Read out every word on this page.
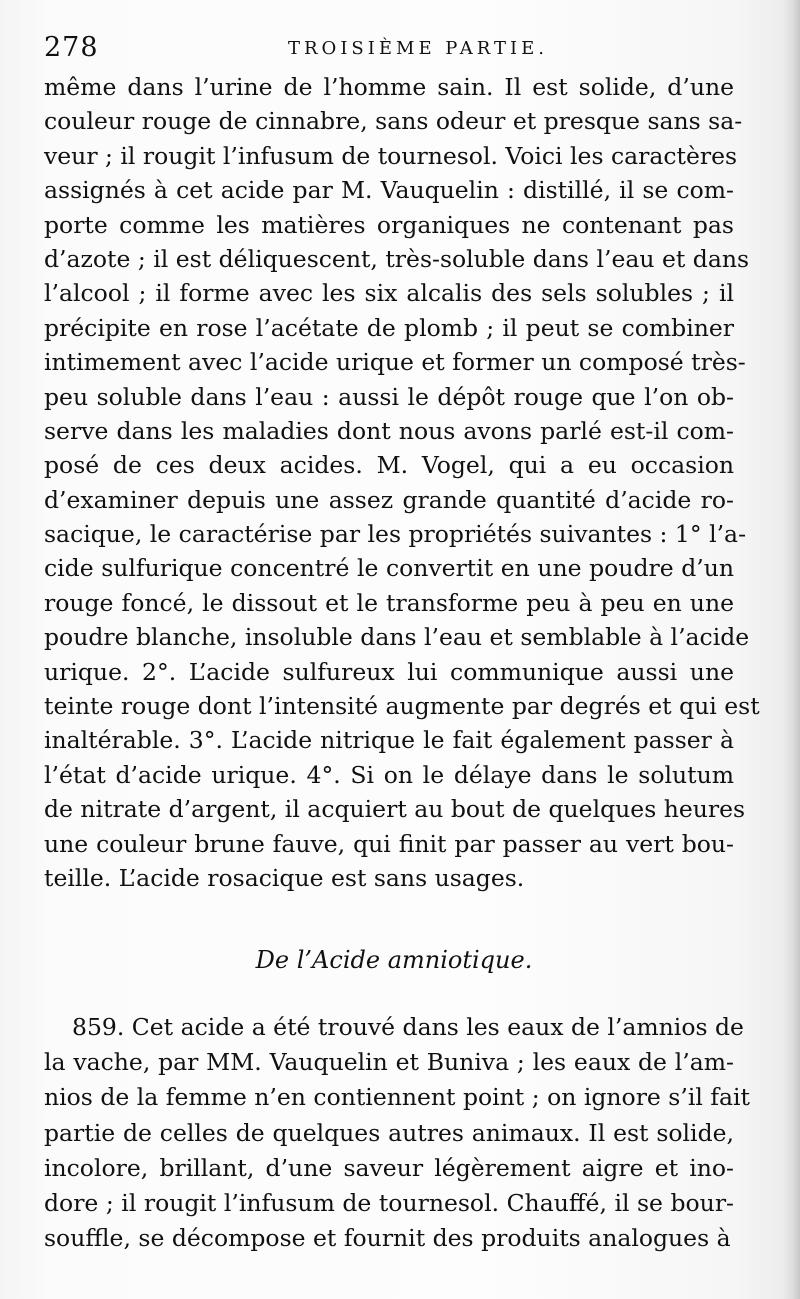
278	TROISIÈME PARTIE.
même dans l’urine de l’homme sain. Il est solide, d’une
couleur rouge de cinnabre, sans odeur et presque sans sa-
veur ; il rougit l’infusum de tournesol. Voici les caractères
assignés à cet acide par M. Vauquelin : distillé, il se com-
porte comme les matières organiques ne contenant pas
d’azote ; il est déliquescent, très-soluble dans l’eau et dans
l’alcool ; il forme avec les six alcalis des sels solubles ; il
précipite en rose l’acétate de plomb ; il peut se combiner
intimement avec l’acide urique et former un composé très-
peu soluble dans l’eau : aussi le dépôt rouge que l’on ob-
serve dans les maladies dont nous avons parlé est-il com-
posé de ces deux acides. M. Vogel, qui a eu occasion
d’examiner depuis une assez grande quantité d’acide ro-
sacique, le caractérise par les propriétés suivantes : 1° l’a-
cide sulfurique concentré le convertit en une poudre d’un
rouge foncé, le dissout et le transforme peu à peu en une
poudre blanche, insoluble dans l’eau et semblable à l’acide
urique. 2°. L’acide sulfureux lui communique aussi une
teinte rouge dont l’intensité augmente par degrés et qui est
inaltérable. 3°. L’acide nitrique le fait également passer à
l’état d’acide urique. 4°. Si on le délaye dans le solutum
de nitrate d’argent, il acquiert au bout de quelques heures
une couleur brune fauve, qui finit par passer au vert bou-
teille. L’acide rosacique est sans usages.
De l’Acide amniotique.
859. Cet acide a été trouvé dans les eaux de l’amnios de
la vache, par MM. Vauquelin et Buniva ; les eaux de l’am-
nios de la femme n’en contiennent point ; on ignore s’il fait
partie de celles de quelques autres animaux. Il est solide,
incolore, brillant, d’une saveur légèrement aigre et ino-
dore ; il rougit l’infusum de tournesol. Chauffé, il se bour-
souffle, se décompose et fournit des produits analogues à
